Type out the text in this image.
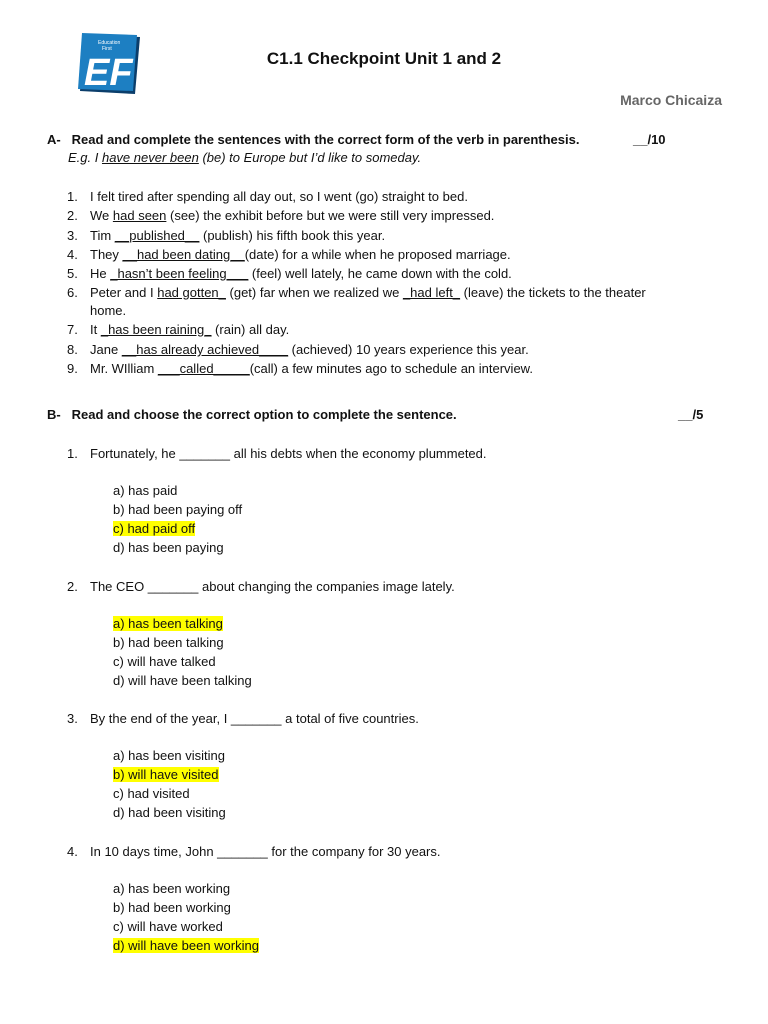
Education
First
EF	C1.1 Checkpoint Unit 1 and 2
Marco Chicaiza
A- Read and complete the sentences with the correct form of the verb in parenthesis.	__/10
E.g. I have never been (be) to Europe but I’d like to someday.
1. I felt tired after spending all day out, so I went (go) straight to bed.
2. We had seen (see) the exhibit before but we were still very impressed.
3. Tim __published__ (publish) his fifth book this year.
4. They __had been dating__(date) for a while when he proposed marriage.
5. He _hasn’t been feeling___ (feel) well lately, he came down with the cold.
6. Peter and I had gotten_ (get) far when we realized we _had left_ (leave) the tickets to the theater
home.
7. It _has been raining_ (rain) all day.
8. Jane __has already achieved____ (achieved) 10 years experience this year.
9. Mr. WIlliam ___called_____(call) a few minutes ago to schedule an interview.
B- Read and choose the correct option to complete the sentence.	__/5
1. Fortunately, he _______ all his debts when the economy plummeted.
a) has paid
b) had been paying off
c) had paid off
d) has been paying
2. The CEO _______ about changing the companies image lately.
a) has been talking
b) had been talking
c) will have talked
d) will have been talking
3. By the end of the year, I _______ a total of five countries.
a) has been visiting
b) will have visited
c) had visited
d) had been visiting
4. In 10 days time, John _______ for the company for 30 years.
a) has been working
b) had been working
c) will have worked
d) will have been working
